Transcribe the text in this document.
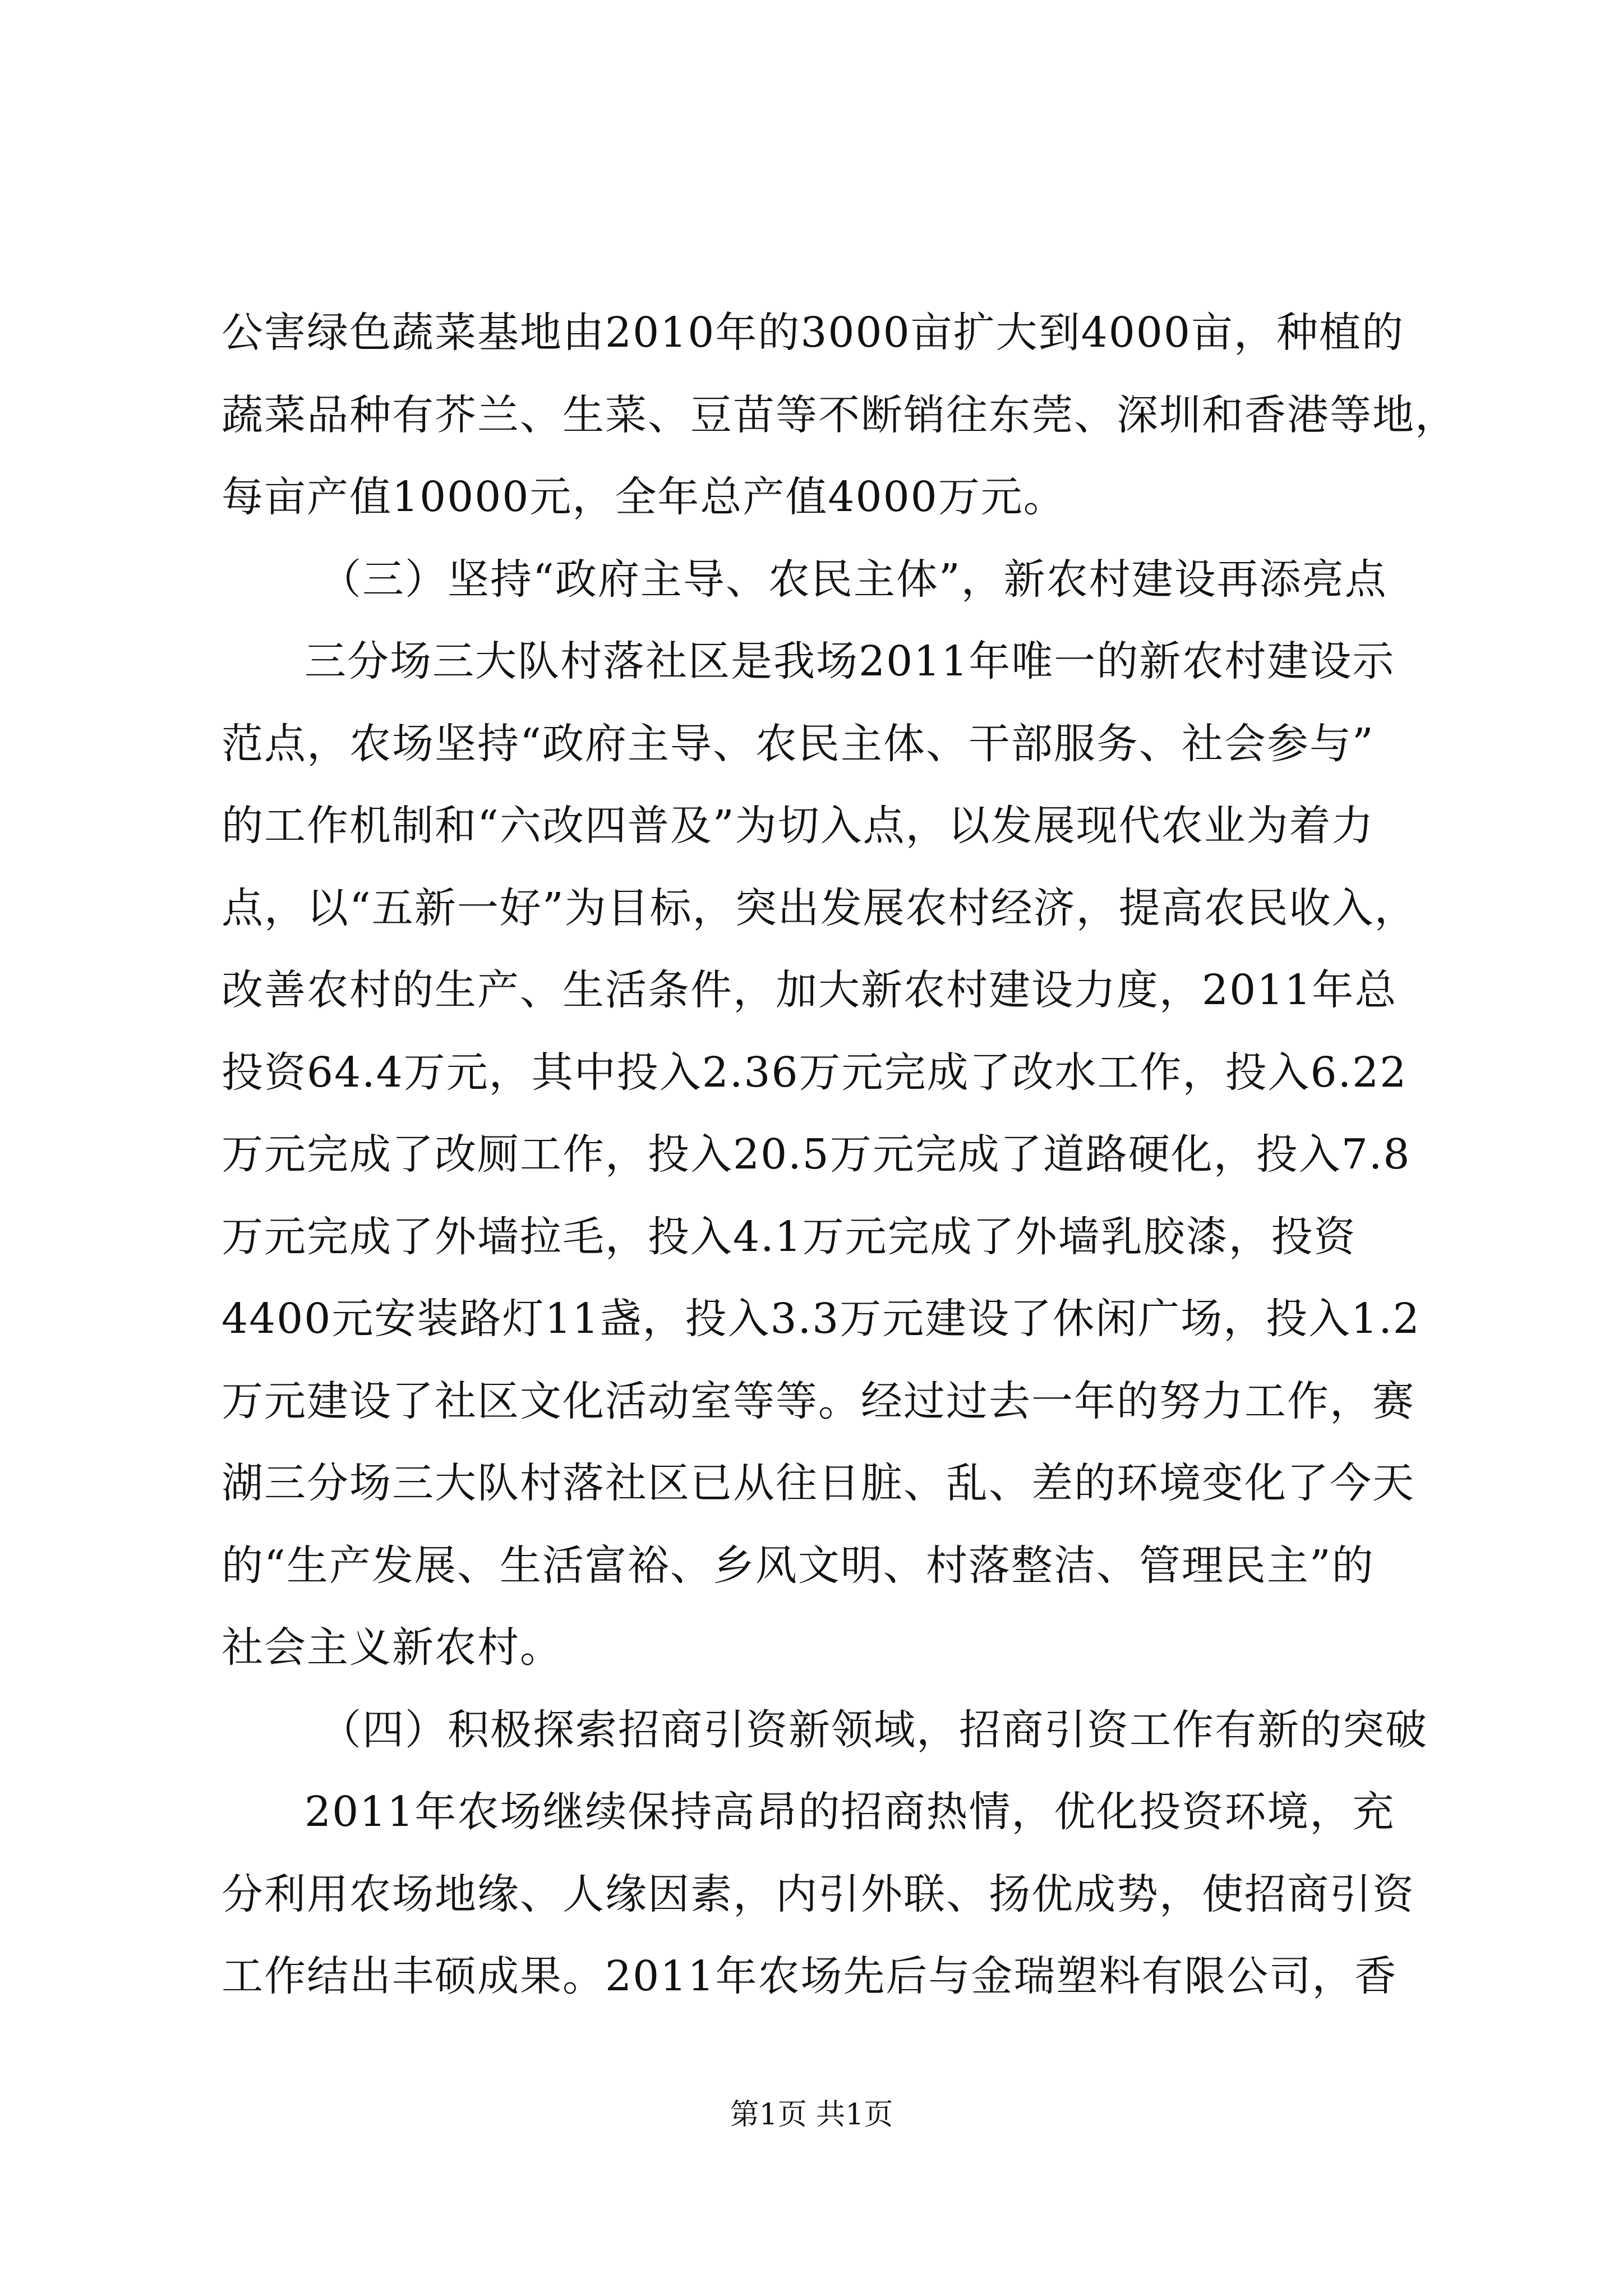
公害绿色蔬菜基地由2010年的3000亩扩大到4000亩，种植的
蔬菜品种有芥兰、生菜、豆苗等不断销往东莞、深圳和香港等地，
每亩产值10000元，全年总产值4000万元。
（三）坚持“政府主导、农民主体”，新农村建设再添亮点
三分场三大队村落社区是我场2011年唯一的新农村建设示
范点，农场坚持“政府主导、农民主体、干部服务、社会参与”
的工作机制和“六改四普及”为切入点，以发展现代农业为着力
点，以“五新一好”为目标，突出发展农村经济，提高农民收入，
改善农村的生产、生活条件，加大新农村建设力度，2011年总
投资64.4万元，其中投入2.36万元完成了改水工作，投入6.22
万元完成了改厕工作，投入20.5万元完成了道路硬化，投入7.8
万元完成了外墙拉毛，投入4.1万元完成了外墙乳胶漆，投资
4400元安装路灯11盏，投入3.3万元建设了休闲广场，投入1.2
万元建设了社区文化活动室等等。经过过去一年的努力工作，赛
湖三分场三大队村落社区已从往日脏、乱、差的环境变化了今天
的“生产发展、生活富裕、乡风文明、村落整洁、管理民主”的
社会主义新农村。
（四）积极探索招商引资新领域，招商引资工作有新的突破
2011年农场继续保持高昂的招商热情，优化投资环境，充
分利用农场地缘、人缘因素，内引外联、扬优成势，使招商引资
工作结出丰硕成果。2011年农场先后与金瑞塑料有限公司，香
第1页 共1页
